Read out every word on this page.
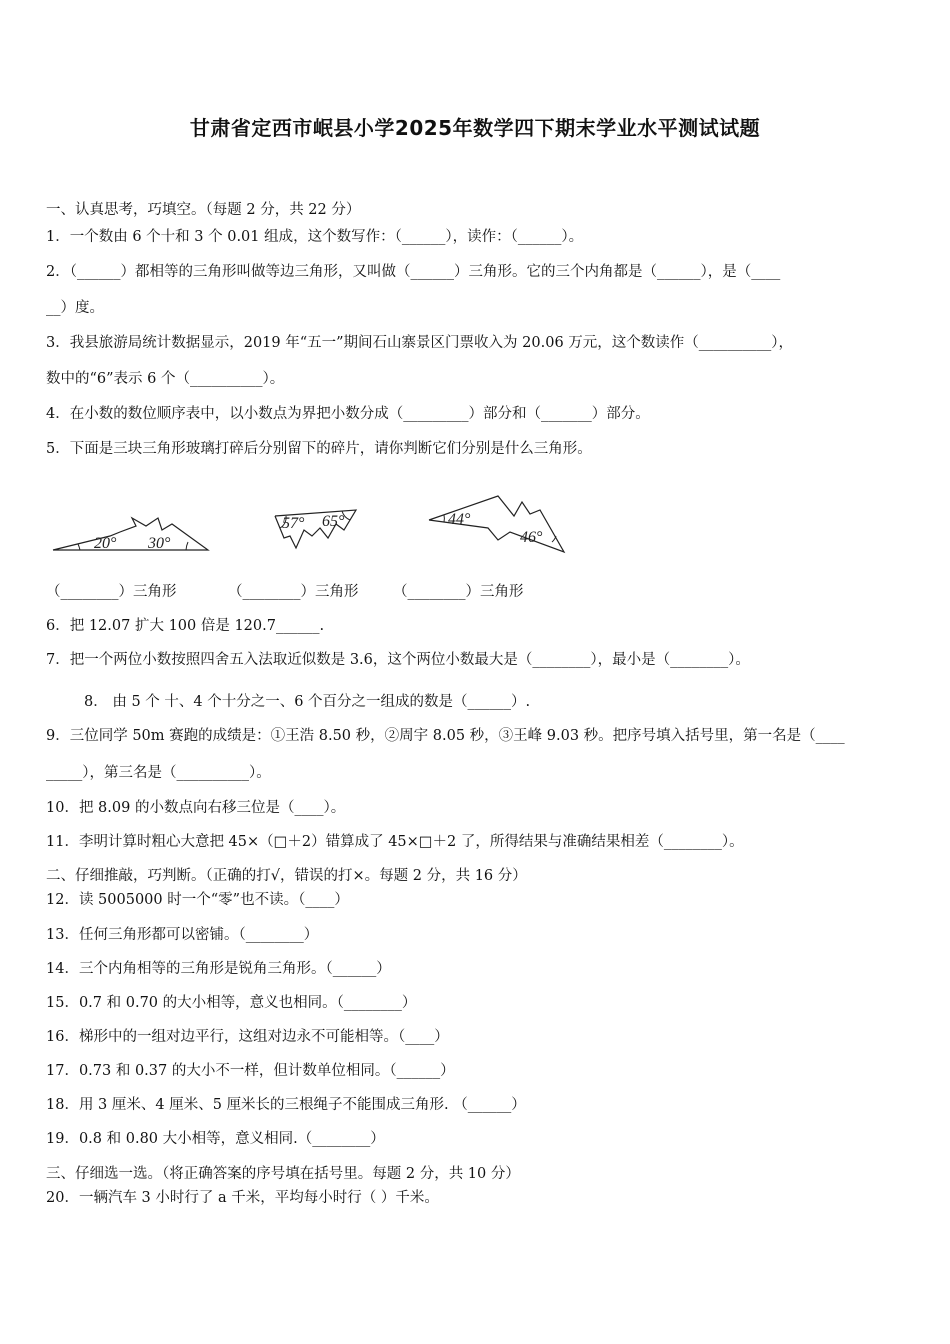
甘肃省定西市岷县小学2025年数学四下期末学业水平测试试题
一、认真思考，巧填空。（每题 2 分，共 22 分）
1．一个数由 6 个十和 3 个 0.01 组成，这个数写作：（______），读作：（______）。
2．（______）都相等的三角形叫做等边三角形，又叫做（______）三角形。它的三个内角都是（______），是（____
__）度。
3．我县旅游局统计数据显示，2019 年“五一”期间石山寨景区门票收入为 20.06 万元，这个数读作（__________），
数中的“6”表示 6 个（__________）。
4．在小数的数位顺序表中，以小数点为界把小数分成（_________）部分和（_______）部分。
5．下面是三块三角形玻璃打碎后分别留下的碎片，请你判断它们分别是什么三角形。
20° 30°
57° 65°	44°
46°
（________）三角形	（________）三角形 （________）三角形
6．把 12.07 扩大 100 倍是 120.7______.
7．把一个两位小数按照四舍五入法取近似数是 3.6，这个两位小数最大是（________），最小是（________）。
8． 由 5 个 十、4 个十分之一、6 个百分之一组成的数是（______）.
9．三位同学 50m 赛跑的成绩是：①王浩 8.50 秒，②周宇 8.05 秒，③王峰 9.03 秒。把序号填入括号里，第一名是（____
_____），第三名是（__________）。
10．把 8.09 的小数点向右移三位是（____）。
11．李明计算时粗心大意把 45×（□＋2）错算成了 45×□＋2 了，所得结果与准确结果相差（________）。
二、仔细推敲，巧判断。（正确的打√，错误的打×。每题 2 分，共 16 分）
12．读 5005000 时一个“零”也不读。（____）
13．任何三角形都可以密铺。（________）
14．三个内角相等的三角形是锐角三角形。（______）
15．0.7 和 0.70 的大小相等，意义也相同。（________）
16．梯形中的一组对边平行，这组对边永不可能相等。（____）
17．0.73 和 0.37 的大小不一样，但计数单位相同。（______）
18．用 3 厘米、4 厘米、5 厘米长的三根绳子不能围成三角形. （______）
19．0.8 和 0.80 大小相等，意义相同.（________）
三、仔细选一选。（将正确答案的序号填在括号里。每题 2 分，共 10 分）
20．一辆汽车 3 小时行了 a 千米，平均每小时行（ ）千米。
